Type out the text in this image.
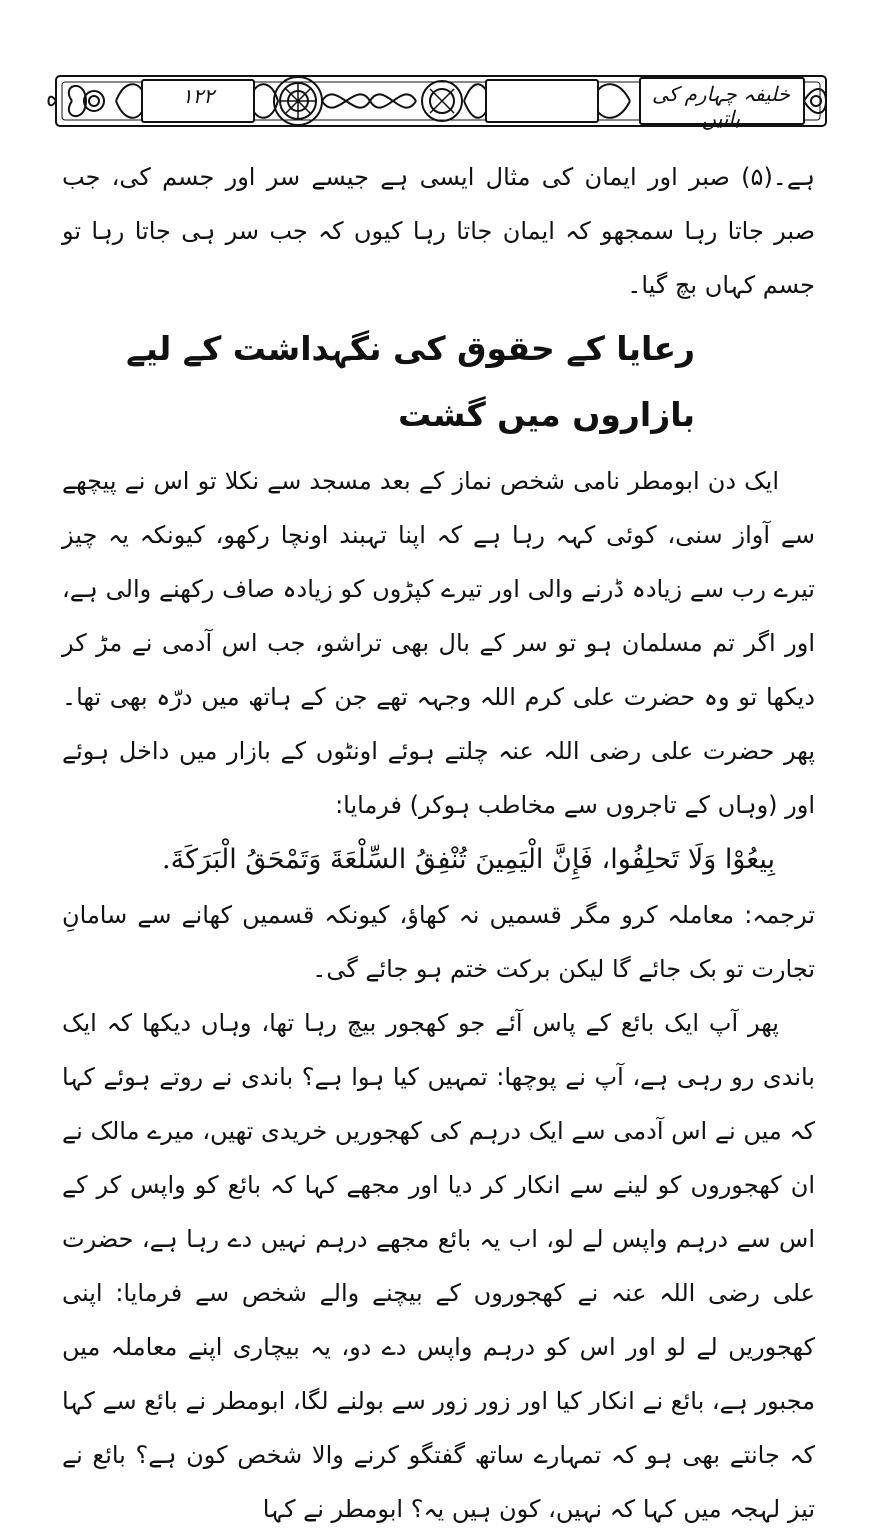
۱۲۲	خلیفہ چہارم کی باتیں

ہے۔(۵) صبر اور ایمان کی مثال ایسی ہے جیسے سر اور جسم کی، جب صبر جاتا رہا سمجھو کہ ایمان جاتا رہا کیوں کہ جب سر ہی جاتا رہا تو جسم کہاں بچ گیا۔

رعایا کے حقوق کی نگہداشت کے لیے بازاروں میں گشت

ایک دن ابومطر نامی شخص نماز کے بعد مسجد سے نکلا تو اس نے پیچھے سے آواز سنی، کوئی کہہ رہا ہے کہ اپنا تہبند اونچا رکھو، کیونکہ یہ چیز تیرے رب سے زیادہ ڈرنے والی اور تیرے کپڑوں کو زیادہ صاف رکھنے والی ہے، اور اگر تم مسلمان ہو تو سر کے بال بھی تراشو، جب اس آدمی نے مڑ کر دیکھا تو وہ حضرت علی کرم اللہ وجہہ تھے جن کے ہاتھ میں درّہ بھی تھا۔ پھر حضرت علی رضی اللہ عنہ چلتے ہوئے اونٹوں کے بازار میں داخل ہوئے اور (وہاں کے تاجروں سے مخاطب ہوکر) فرمایا:

بِيعُوْا وَلَا تَحلِفُوا، فَإِنَّ الْيَمِينَ تُنْفِقُ السِّلْعَةَ وَتَمْحَقُ الْبَرَكَةَ.

ترجمہ: معاملہ کرو مگر قسمیں نہ کھاؤ، کیونکہ قسمیں کھانے سے سامانِ تجارت تو بک جائے گا لیکن برکت ختم ہو جائے گی۔

پھر آپ ایک بائع کے پاس آئے جو کھجور بیچ رہا تھا، وہاں دیکھا کہ ایک باندی رو رہی ہے، آپ نے پوچھا: تمہیں کیا ہوا ہے؟ باندی نے روتے ہوئے کہا کہ میں نے اس آدمی سے ایک درہم کی کھجوریں خریدی تھیں، میرے مالک نے ان کھجوروں کو لینے سے انکار کر دیا اور مجھے کہا کہ بائع کو واپس کر کے اس سے درہم واپس لے لو، اب یہ بائع مجھے درہم نہیں دے رہا ہے، حضرت علی رضی اللہ عنہ نے کھجوروں کے بیچنے والے شخص سے فرمایا: اپنی کھجوریں لے لو اور اس کو درہم واپس دے دو، یہ بیچاری اپنے معاملہ میں مجبور ہے، بائع نے انکار کیا اور زور زور سے بولنے لگا، ابومطر نے بائع سے کہا کہ جانتے بھی ہو کہ تمہارے ساتھ گفتگو کرنے والا شخص کون ہے؟ بائع نے تیز لہجہ میں کہا کہ نہیں، کون ہیں یہ؟ ابومطر نے کہا
